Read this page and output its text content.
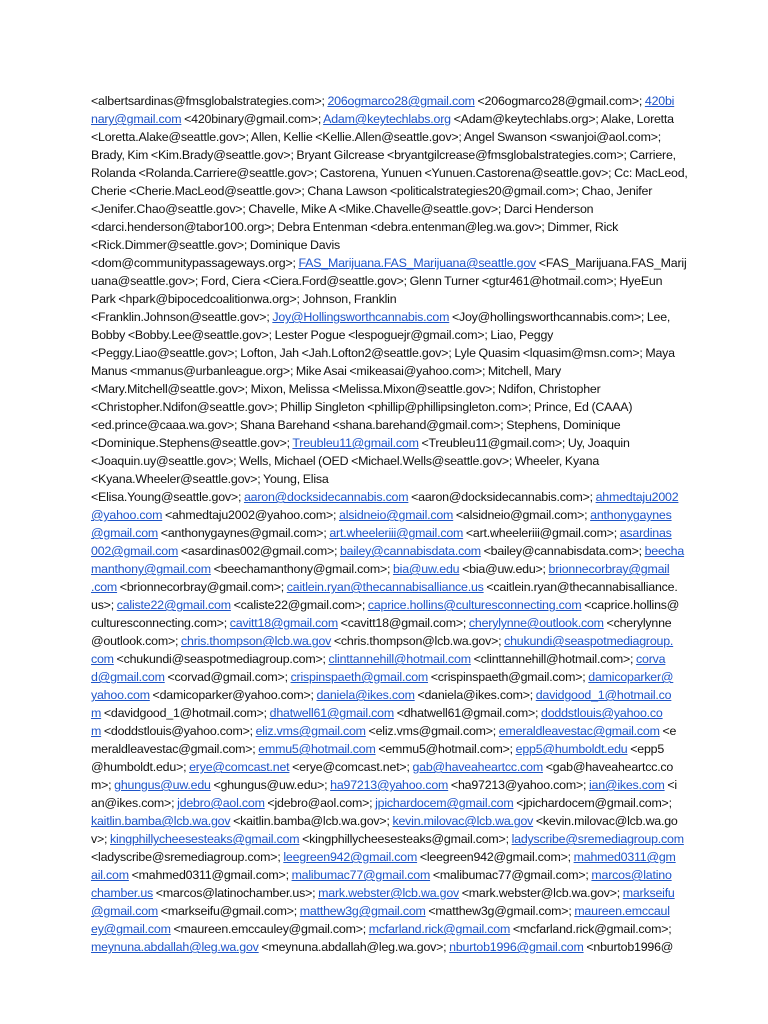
<albertsardinas@fmsglobalstrategies.com>; 206ogmarco28@gmail.com <206ogmarco28@gmail.com>; 420bi
nary@gmail.com <420binary@gmail.com>; Adam@keytechlabs.org <Adam@keytechlabs.org>; Alake, Loretta
<Loretta.Alake@seattle.gov>; Allen, Kellie <Kellie.Allen@seattle.gov>; Angel Swanson <swanjoi@aol.com>;
Brady, Kim <Kim.Brady@seattle.gov>; Bryant Gilcrease <bryantgilcrease@fmsglobalstrategies.com>; Carriere,
Rolanda <Rolanda.Carriere@seattle.gov>; Castorena, Yunuen <Yunuen.Castorena@seattle.gov>; Cc: MacLeod,
Cherie <Cherie.MacLeod@seattle.gov>; Chana Lawson <politicalstrategies20@gmail.com>; Chao, Jenifer
<Jenifer.Chao@seattle.gov>; Chavelle, Mike A <Mike.Chavelle@seattle.gov>; Darci Henderson
<darci.henderson@tabor100.org>; Debra Entenman <debra.entenman@leg.wa.gov>; Dimmer, Rick
<Rick.Dimmer@seattle.gov>; Dominique Davis
<dom@communitypassageways.org>; FAS_Marijuana.FAS_Marijuana@seattle.gov <FAS_Marijuana.FAS_Marij
uana@seattle.gov>; Ford, Ciera <Ciera.Ford@seattle.gov>; Glenn Turner <gtur461@hotmail.com>; HyeEun
Park <hpark@bipocedcoalitionwa.org>; Johnson, Franklin
<Franklin.Johnson@seattle.gov>; Joy@Hollingsworthcannabis.com <Joy@hollingsworthcannabis.com>; Lee,
Bobby <Bobby.Lee@seattle.gov>; Lester Pogue <lespoguejr@gmail.com>; Liao, Peggy
<Peggy.Liao@seattle.gov>; Lofton, Jah <Jah.Lofton2@seattle.gov>; Lyle Quasim <lquasim@msn.com>; Maya
Manus <mmanus@urbanleague.org>; Mike Asai <mikeasai@yahoo.com>; Mitchell, Mary
<Mary.Mitchell@seattle.gov>; Mixon, Melissa <Melissa.Mixon@seattle.gov>; Ndifon, Christopher
<Christopher.Ndifon@seattle.gov>; Phillip Singleton <phillip@phillipsingleton.com>; Prince, Ed (CAAA)
<ed.prince@caaa.wa.gov>; Shana Barehand <shana.barehand@gmail.com>; Stephens, Dominique
<Dominique.Stephens@seattle.gov>; Treubleu11@gmail.com <Treubleu11@gmail.com>; Uy, Joaquin
<Joaquin.uy@seattle.gov>; Wells, Michael (OED <Michael.Wells@seattle.gov>; Wheeler, Kyana
<Kyana.Wheeler@seattle.gov>; Young, Elisa
<Elisa.Young@seattle.gov>; aaron@docksidecannabis.com <aaron@docksidecannabis.com>; ahmedtaju2002
@yahoo.com <ahmedtaju2002@yahoo.com>; alsidneio@gmail.com <alsidneio@gmail.com>; anthonygaynes
@gmail.com <anthonygaynes@gmail.com>; art.wheeleriii@gmail.com <art.wheeleriii@gmail.com>; asardinas
002@gmail.com <asardinas002@gmail.com>; bailey@cannabisdata.com <bailey@cannabisdata.com>; beecha
manthony@gmail.com <beechamanthony@gmail.com>; bia@uw.edu <bia@uw.edu>; brionnecorbray@gmail
.com <brionnecorbray@gmail.com>; caitlein.ryan@thecannabisalliance.us <caitlein.ryan@thecannabisalliance.
us>; caliste22@gmail.com <caliste22@gmail.com>; caprice.hollins@culturesconnecting.com <caprice.hollins@
culturesconnecting.com>; cavitt18@gmail.com <cavitt18@gmail.com>; cherylynne@outlook.com <cherylynne
@outlook.com>; chris.thompson@lcb.wa.gov <chris.thompson@lcb.wa.gov>; chukundi@seaspotmediagroup.
com <chukundi@seaspotmediagroup.com>; clinttannehill@hotmail.com <clinttannehill@hotmail.com>; corva
d@gmail.com <corvad@gmail.com>; crispinspaeth@gmail.com <crispinspaeth@gmail.com>; damicoparker@
yahoo.com <damicoparker@yahoo.com>; daniela@ikes.com <daniela@ikes.com>; davidgood_1@hotmail.co
m <davidgood_1@hotmail.com>; dhatwell61@gmail.com <dhatwell61@gmail.com>; doddstlouis@yahoo.co
m <doddstlouis@yahoo.com>; eliz.vms@gmail.com <eliz.vms@gmail.com>; emeraldleavestac@gmail.com <e
meraldleavestac@gmail.com>; emmu5@hotmail.com <emmu5@hotmail.com>; epp5@humboldt.edu <epp5
@humboldt.edu>; erye@comcast.net <erye@comcast.net>; gab@haveaheartcc.com <gab@haveaheartcc.co
m>; ghungus@uw.edu <ghungus@uw.edu>; ha97213@yahoo.com <ha97213@yahoo.com>; ian@ikes.com <i
an@ikes.com>; jdebro@aol.com <jdebro@aol.com>; jpichardocem@gmail.com <jpichardocem@gmail.com>;
kaitlin.bamba@lcb.wa.gov <kaitlin.bamba@lcb.wa.gov>; kevin.milovac@lcb.wa.gov <kevin.milovac@lcb.wa.go
v>; kingphillycheesesteaks@gmail.com <kingphillycheesesteaks@gmail.com>; ladyscribe@sremediagroup.com
<ladyscribe@sremediagroup.com>; leegreen942@gmail.com <leegreen942@gmail.com>; mahmed0311@gm
ail.com <mahmed0311@gmail.com>; malibumac77@gmail.com <malibumac77@gmail.com>; marcos@latino
chamber.us <marcos@latinochamber.us>; mark.webster@lcb.wa.gov <mark.webster@lcb.wa.gov>; markseifu
@gmail.com <markseifu@gmail.com>; matthew3g@gmail.com <matthew3g@gmail.com>; maureen.emccaul
ey@gmail.com <maureen.emccauley@gmail.com>; mcfarland.rick@gmail.com <mcfarland.rick@gmail.com>;
meynuna.abdallah@leg.wa.gov <meynuna.abdallah@leg.wa.gov>; nburtob1996@gmail.com <nburtob1996@
